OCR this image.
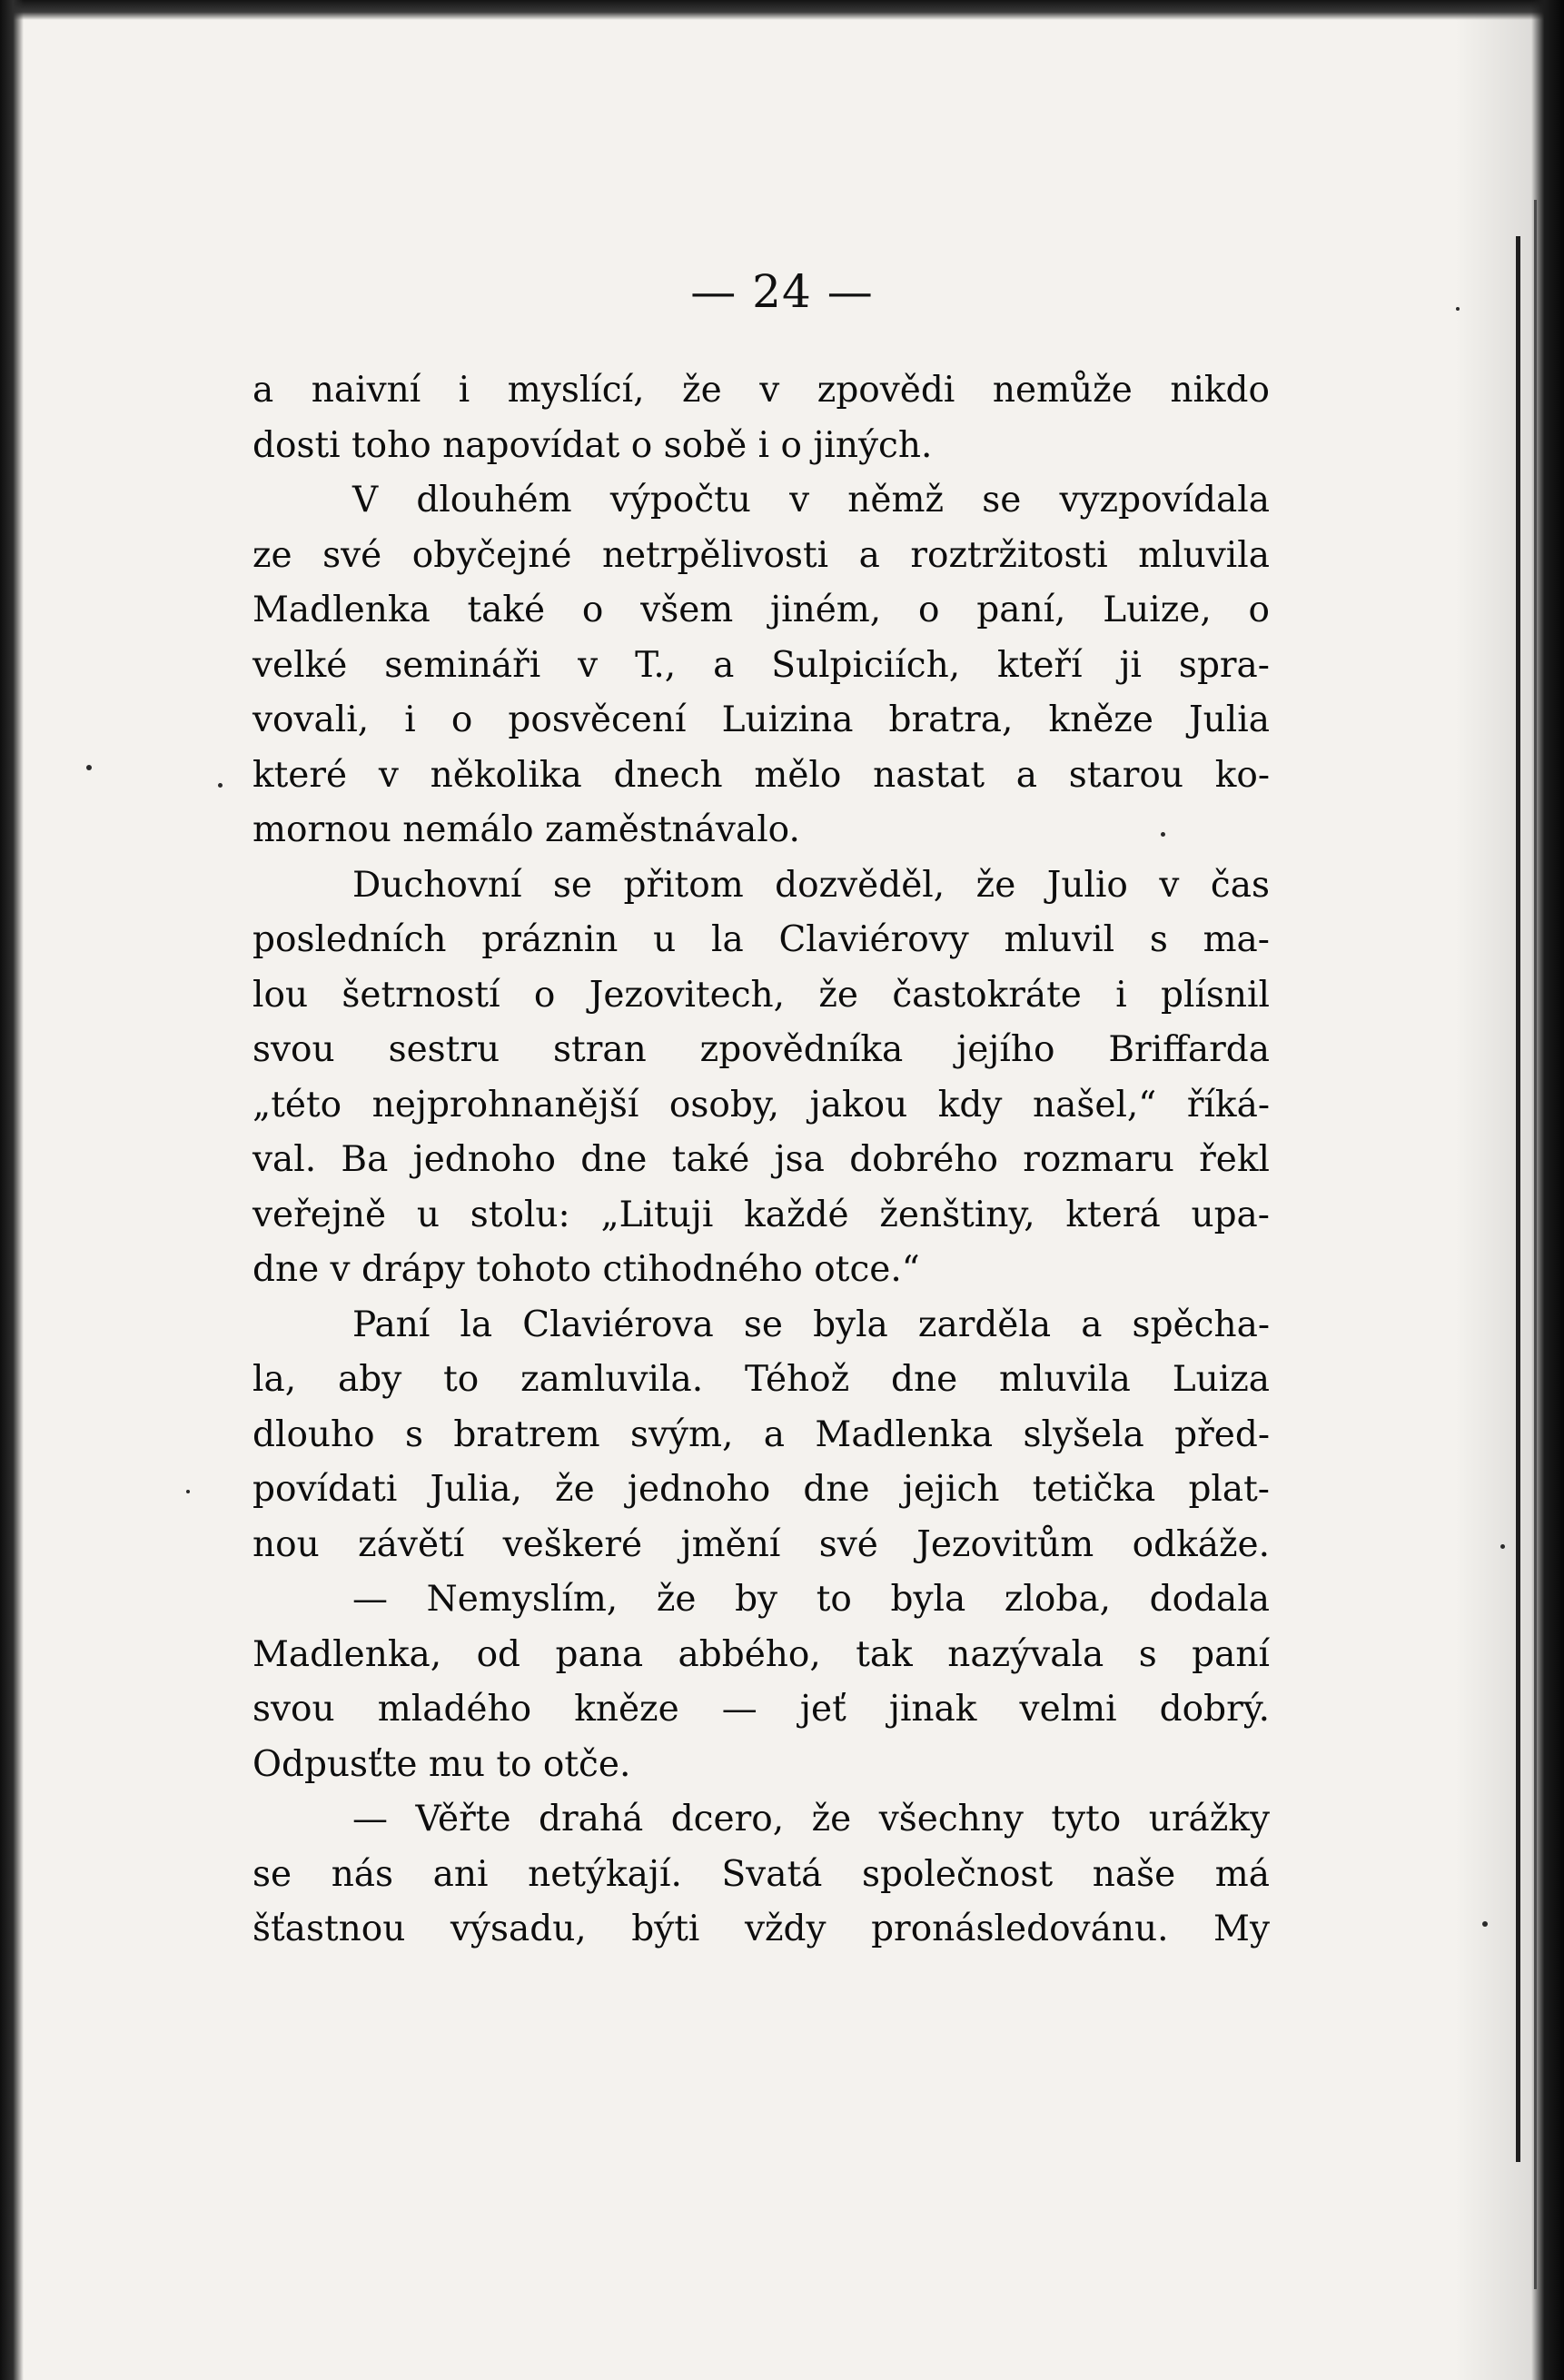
— 24 —
a naivní i myslící, že v zpovědi nemůže nikdo
dosti toho napovídat o sobě i o jiných.
V dlouhém výpočtu v němž se vyzpovídala
ze své obyčejné netrpělivosti a roztržitosti mluvila
Madlenka také o všem jiném, o paní, Luize, o
velké semináři v T., a Sulpiciích, kteří ji spra-
vovali, i o posvěcení Luizina bratra, kněze Julia
které v několika dnech mělo nastat a starou ko-
mornou nemálo zaměstnávalo.
Duchovní se přitom dozvěděl, že Julio v čas
posledních práznin u la Claviérovy mluvil s ma-
lou šetrností o Jezovitech, že častokráte i plísnil
svou sestru stran zpovědníka jejího Briffarda
„této nejprohnanější osoby, jakou kdy našel,“ říká-
val. Ba jednoho dne také jsa dobrého rozmaru řekl
veřejně u stolu: „Lituji každé ženštiny, která upa-
dne v drápy tohoto ctihodného otce.“
Paní la Claviérova se byla zarděla a spěcha-
la, aby to zamluvila. Téhož dne mluvila Luiza
dlouho s bratrem svým, a Madlenka slyšela před-
povídati Julia, že jednoho dne jejich tetička plat-
nou závětí veškeré jmění své Jezovitům odkáže.
— Nemyslím, že by to byla zloba, dodala
Madlenka, od pana abbého, tak nazývala s paní
svou mladého kněze — jeť jinak velmi dobrý.
Odpusťte mu to otče.
— Věřte drahá dcero, že všechny tyto urážky
se nás ani netýkají. Svatá společnost naše má
šťastnou výsadu, býti vždy pronásledovánu. My
